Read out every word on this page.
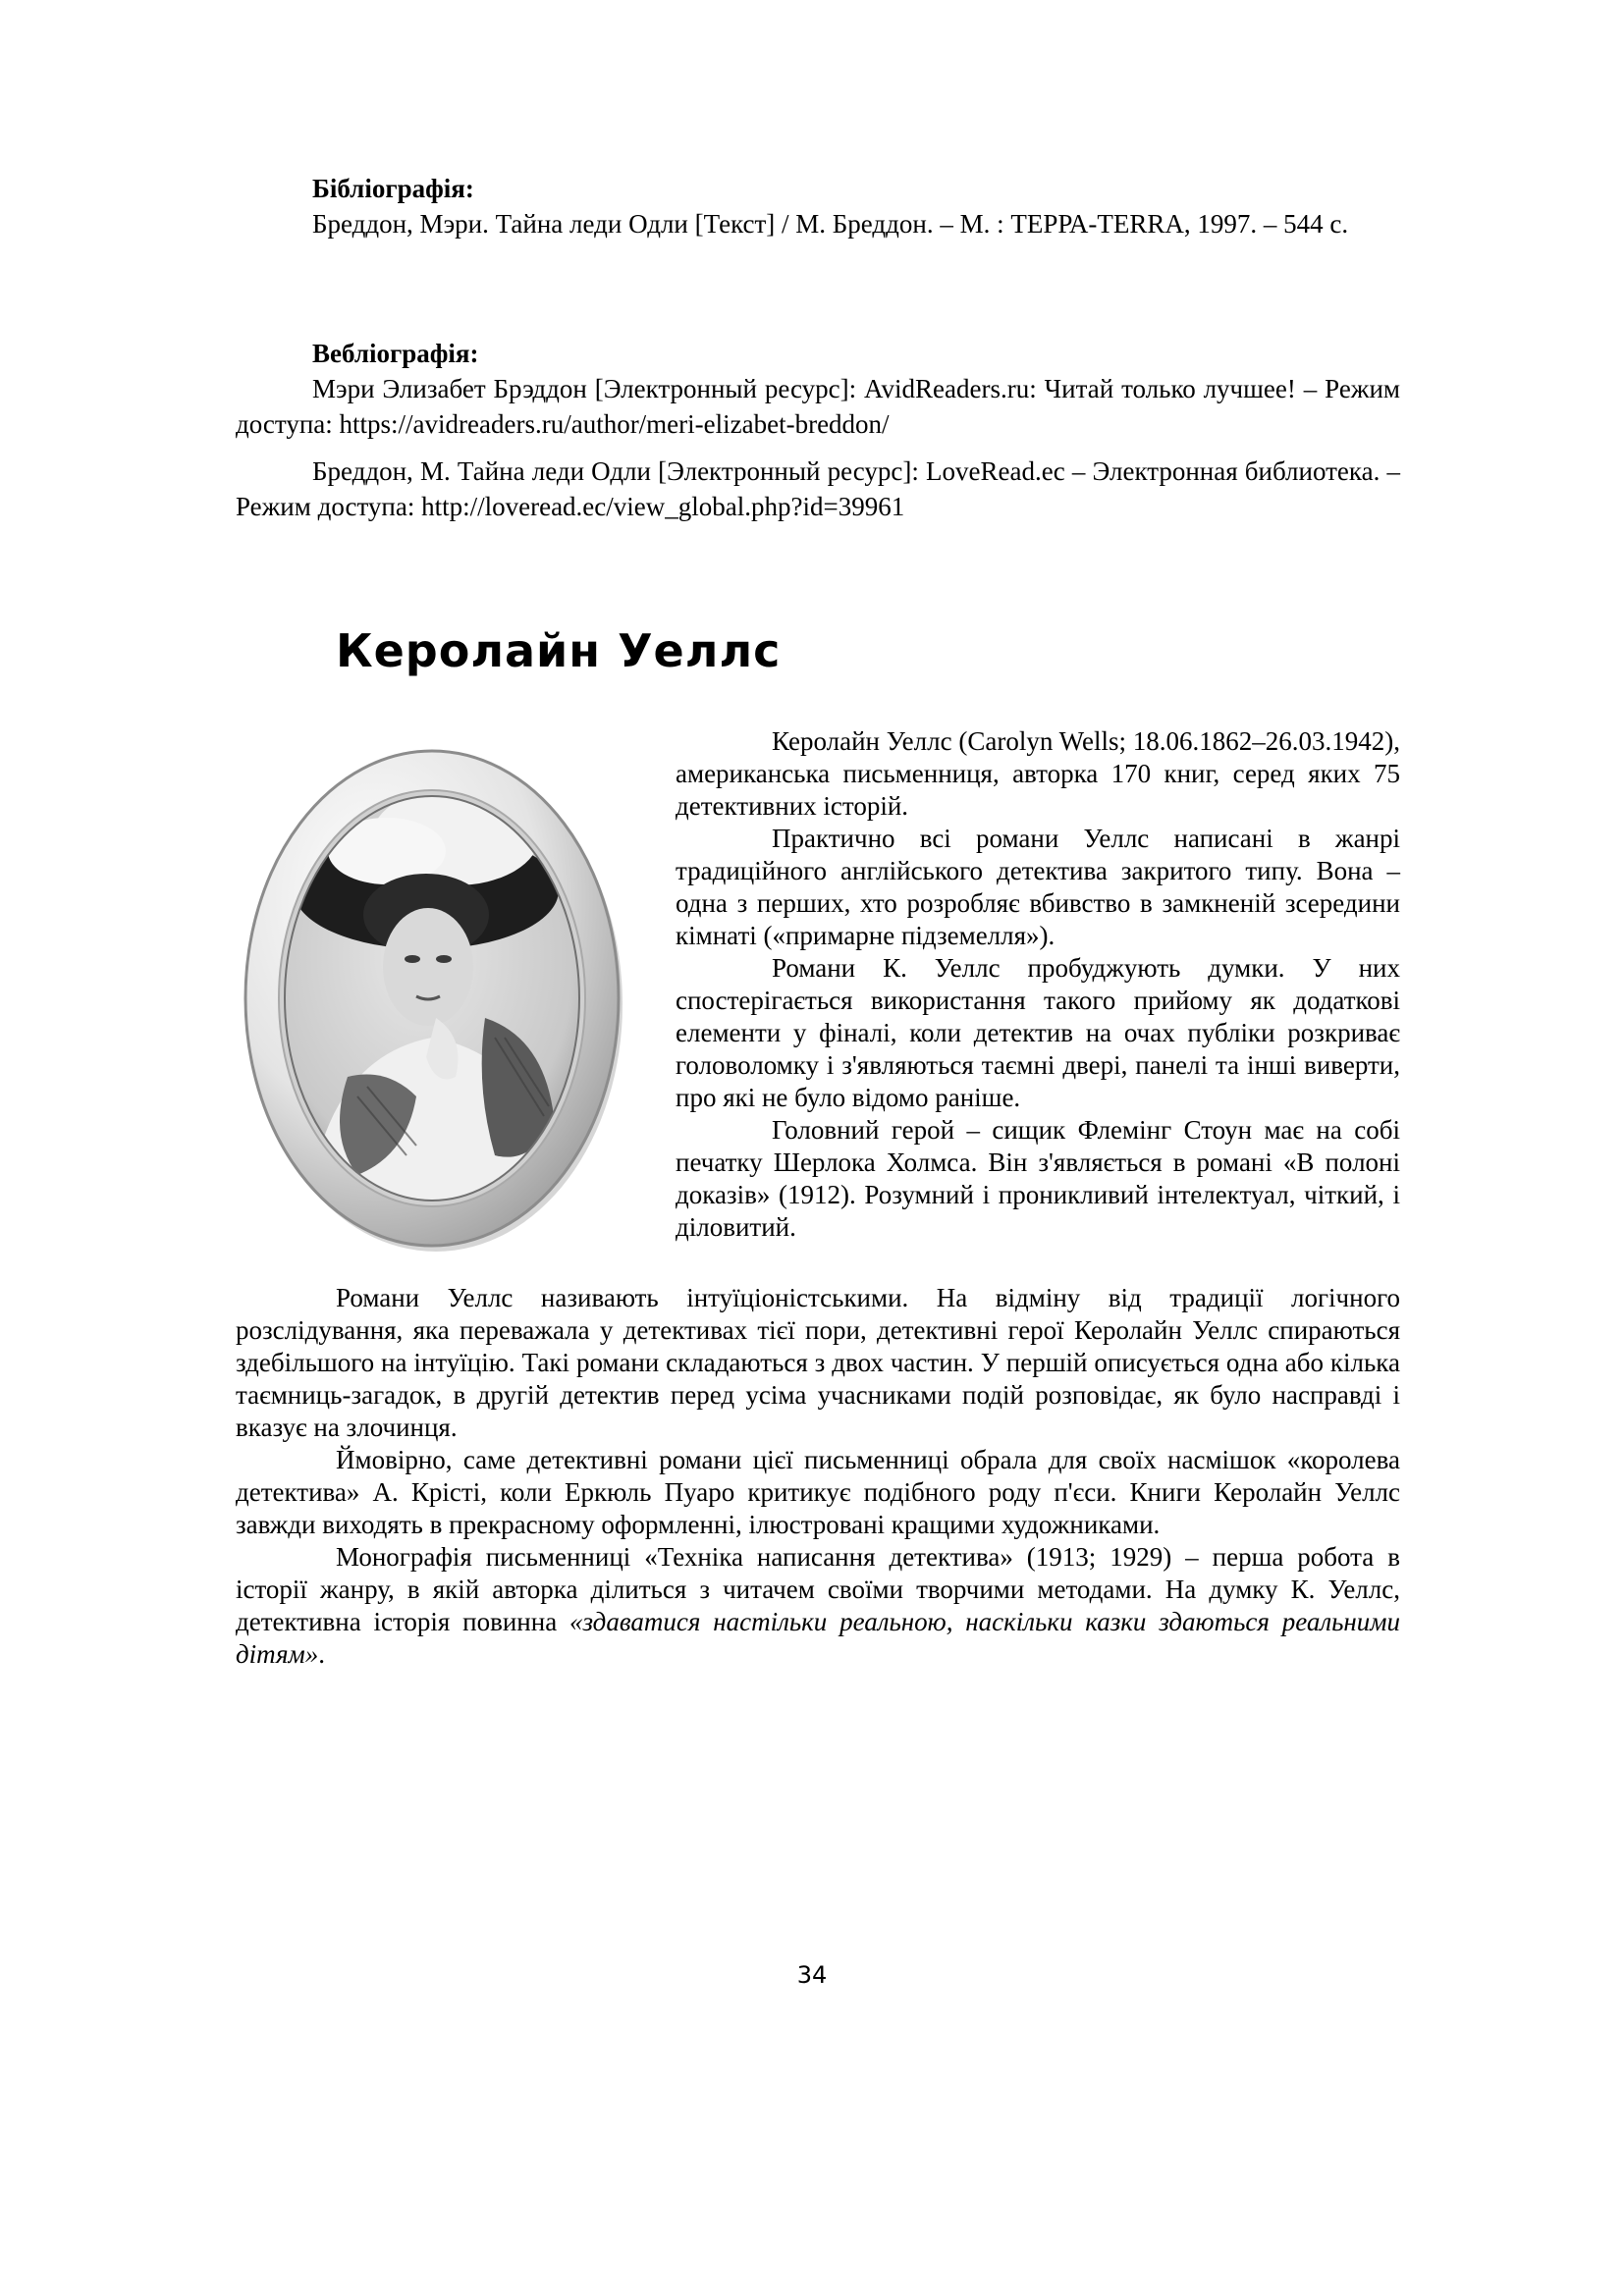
Бібліографія:

Бреддон, Мэри. Тайна леди Одли [Текст] / М. Бреддон. – М. : ТЕРРА-TERRA, 1997. – 544 с.

Вебліографія:

Мэри Элизабет Брэддон [Электронный ресурс]: AvidReaders.ru: Читай только лучшее! – Режим доступа: https://avidreaders.ru/author/meri-elizabet-breddon/

Бреддон, М. Тайна леди Одли [Электронный ресурс]: LoveRead.ec – Электронная библиотека. – Режим доступа: http://loveread.ec/view_global.php?id=39961

Керолайн Уеллс

Керолайн Уеллс (Carolyn Wells; 18.06.1862–26.03.1942), американська письменниця, авторка 170 книг, серед яких 75 детективних історій.

Практично всі романи Уеллс написані в жанрі традиційного англійського детектива закритого типу. Вона – одна з перших, хто розробляє вбивство в замкненій зсередини кімнаті («примарне підземелля»).

Романи К. Уеллс пробуджують думки. У них спостерігається використання такого прийому як додаткові елементи у фіналі, коли детектив на очах публіки розкриває головоломку і з'являються таємні двері, панелі та інші виверти, про які не було відомо раніше.

Головний герой – сищик Флемінг Стоун має на собі печатку Шерлока Холмса. Він з'являється в романі «В полоні доказів» (1912). Розумний і проникливий інтелектуал, чіткий, і діловитий.

Романи Уеллс називають інтуїціоністськими. На відміну від традиції логічного розслідування, яка переважала у детективах тієї пори, детективні герої Керолайн Уеллс спираються здебільшого на інтуїцію. Такі романи складаються з двох частин. У першій описується одна або кілька таємниць-загадок, в другій детектив перед усіма учасниками подій розповідає, як було насправді і вказує на злочинця.

Ймовірно, саме детективні романи цієї письменниці обрала для своїх насмішок «королева детектива» А. Крісті, коли Еркюль Пуаро критикує подібного роду п'єси. Книги Керолайн Уеллс завжди виходять в прекрасному оформленні, ілюстровані кращими художниками.

Монографія письменниці «Техніка написання детектива» (1913; 1929) – перша робота в історії жанру, в якій авторка ділиться з читачем своїми творчими методами. На думку К. Уеллс, детективна історія повинна «здаватися настільки реальною, наскільки казки здаються реальними дітям».

34
